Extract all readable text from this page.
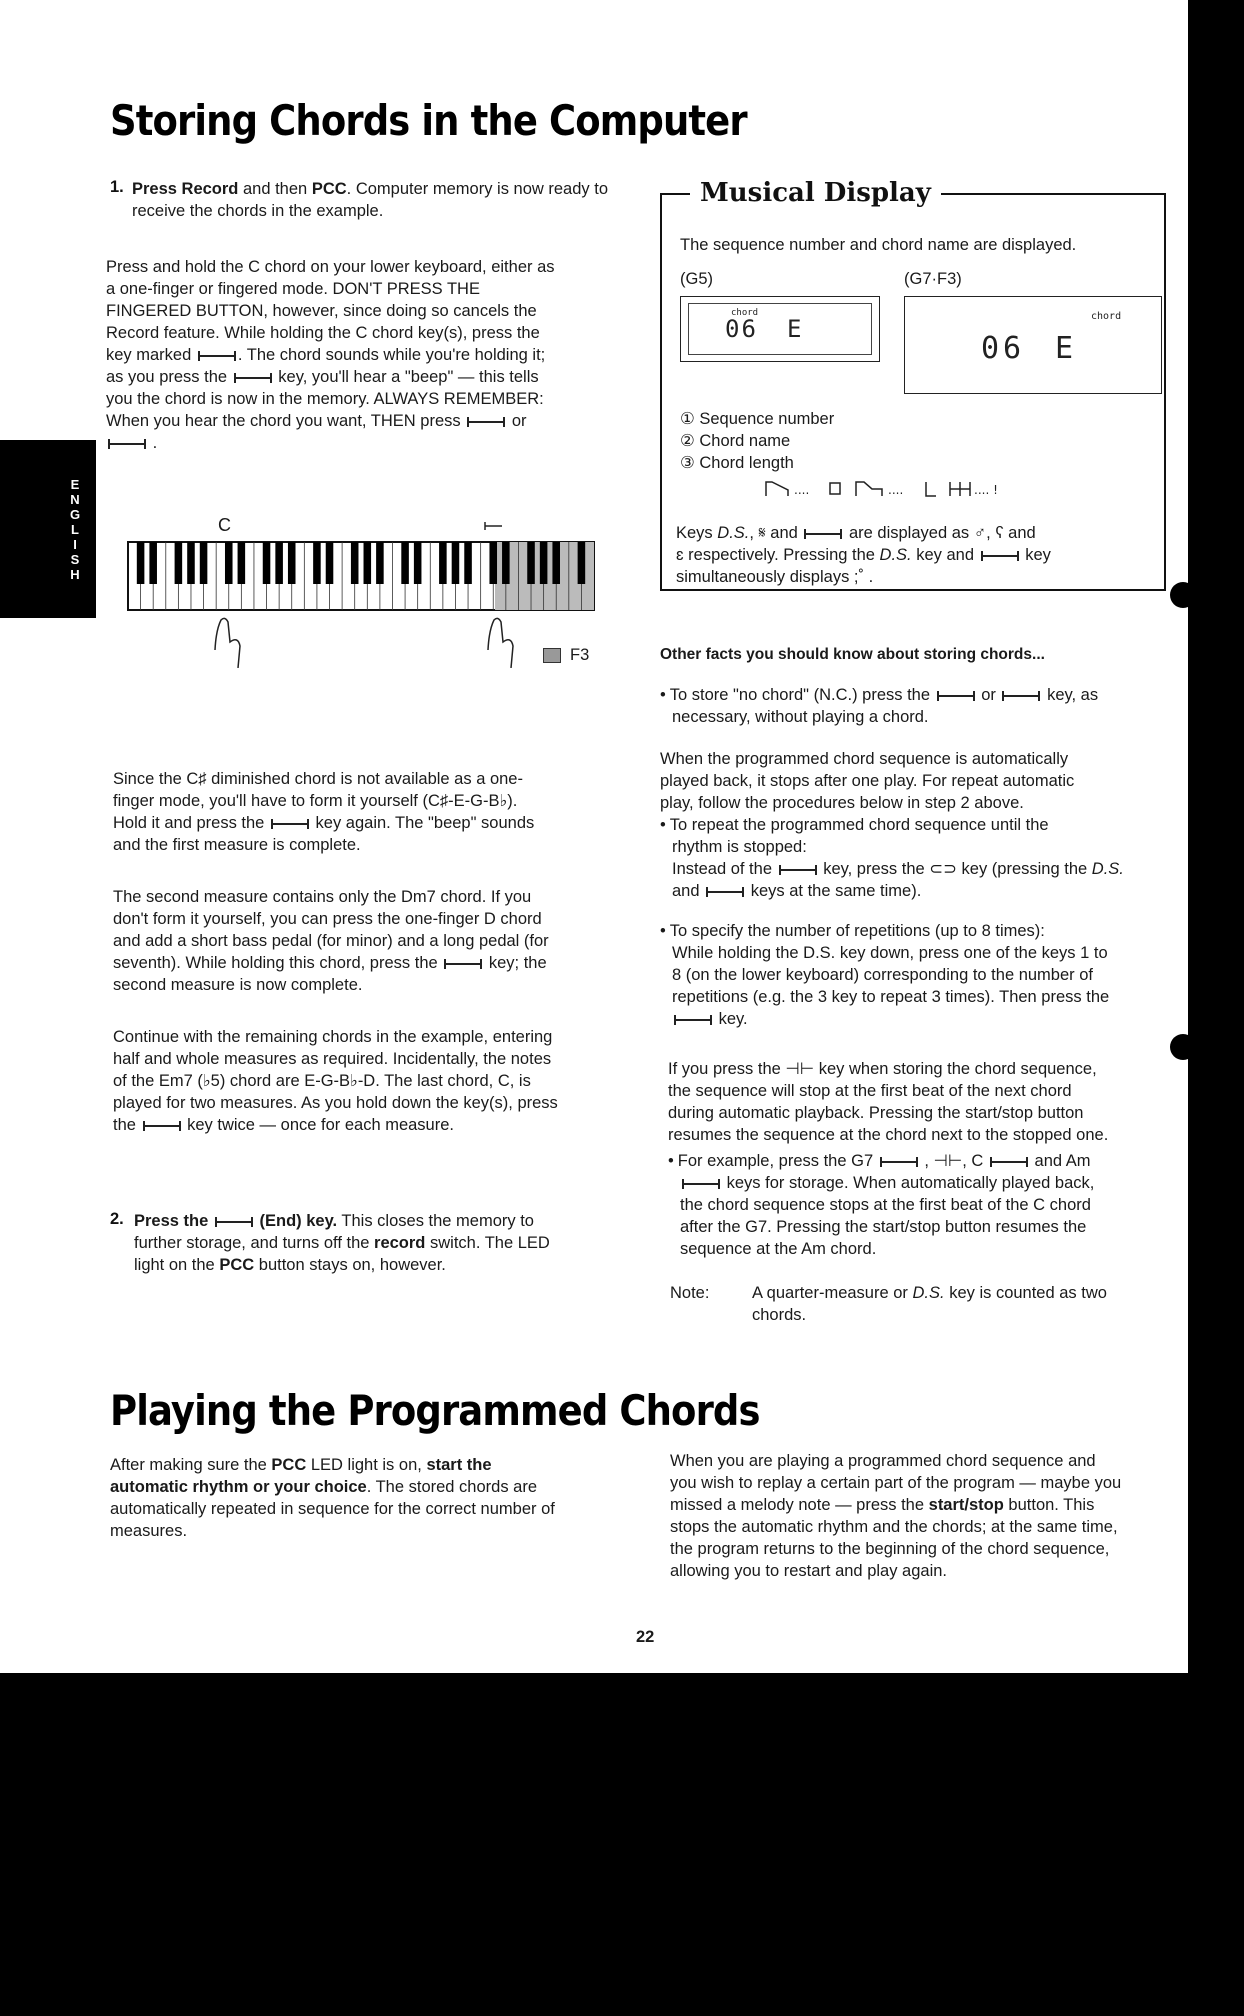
Storing Chords in the Computer
1. Press Record and then PCC. Computer memory is now ready to receive the chords in the example.
Press and hold the C chord on your lower keyboard, either as
a one-finger or fingered mode. DON'T PRESS THE
FINGERED BUTTON, however, since doing so cancels the
Record feature. While holding the C chord key(s), press the
key marked	. The chord sounds while you're holding it;
as you press the	key, you'll hear a "beep" — this tells
you the chord is now in the memory. ALWAYS REMEMBER:
When you hear the chord you want, THEN press	or
.
E
N
G
L
I
S
H
C
F3
Since the C♯ diminished chord is not available as a one-
finger mode, you'll have to form it yourself (C♯-E-G-B♭).
Hold it and press the	key again. The "beep" sounds
and the first measure is complete.
The second measure contains only the Dm7 chord. If you
don't form it yourself, you can press the one-finger D chord
and add a short bass pedal (for minor) and a long pedal (for
seventh). While holding this chord, press the	key; the
second measure is now complete.
Continue with the remaining chords in the example, entering
half and whole measures as required. Incidentally, the notes
of the Em7 (♭5) chord are E-G-B♭-D. The last chord, C, is
played for two measures. As you hold down the key(s), press
the	key twice — once for each measure.
2. Press the	(End) key. This closes the memory to
further storage, and turns off the record switch. The LED
light on the PCC button stays on, however.
Musical Display
The sequence number and chord name are displayed.
(G5)	(G7·F3)
chord
06 E	chord
06 E
① Sequence number
② Chord name
③ Chord length
....	....	.... !
Keys D.S., 𝄋 and	are displayed as ♂, ʕ and
ɛ respectively. Pressing the D.S. key and	key
simultaneously displays ;˚ .
Other facts you should know about storing chords...
• To store "no chord" (N.C.) press the	or	key, as
necessary, without playing a chord.
When the programmed chord sequence is automatically
played back, it stops after one play. For repeat automatic
play, follow the procedures below in step 2 above.
• To repeat the programmed chord sequence until the
rhythm is stopped:
Instead of the	key, press the ⊂⊃ key (pressing the D.S.
and	keys at the same time).
• To specify the number of repetitions (up to 8 times):
While holding the D.S. key down, press one of the keys 1 to
8 (on the lower keyboard) corresponding to the number of
repetitions (e.g. the 3 key to repeat 3 times). Then press the
key.
If you press the ⊣⊢ key when storing the chord sequence,
the sequence will stop at the first beat of the next chord
during automatic playback. Pressing the start/stop button
resumes the sequence at the chord next to the stopped one.
• For example, press the G7	, ⊣⊢, C	and Am
keys for storage. When automatically played back,
the chord sequence stops at the first beat of the C chord
after the G7. Pressing the start/stop button resumes the
sequence at the Am chord.
Note:	A quarter-measure or D.S. key is counted as two
chords.
Playing the Programmed Chords
After making sure the PCC LED light is on, start the
automatic rhythm or your choice. The stored chords are
automatically repeated in sequence for the correct number of
measures.
When you are playing a programmed chord sequence and
you wish to replay a certain part of the program — maybe you
missed a melody note — press the start/stop button. This
stops the automatic rhythm and the chords; at the same time,
the program returns to the beginning of the chord sequence,
allowing you to restart and play again.
22
